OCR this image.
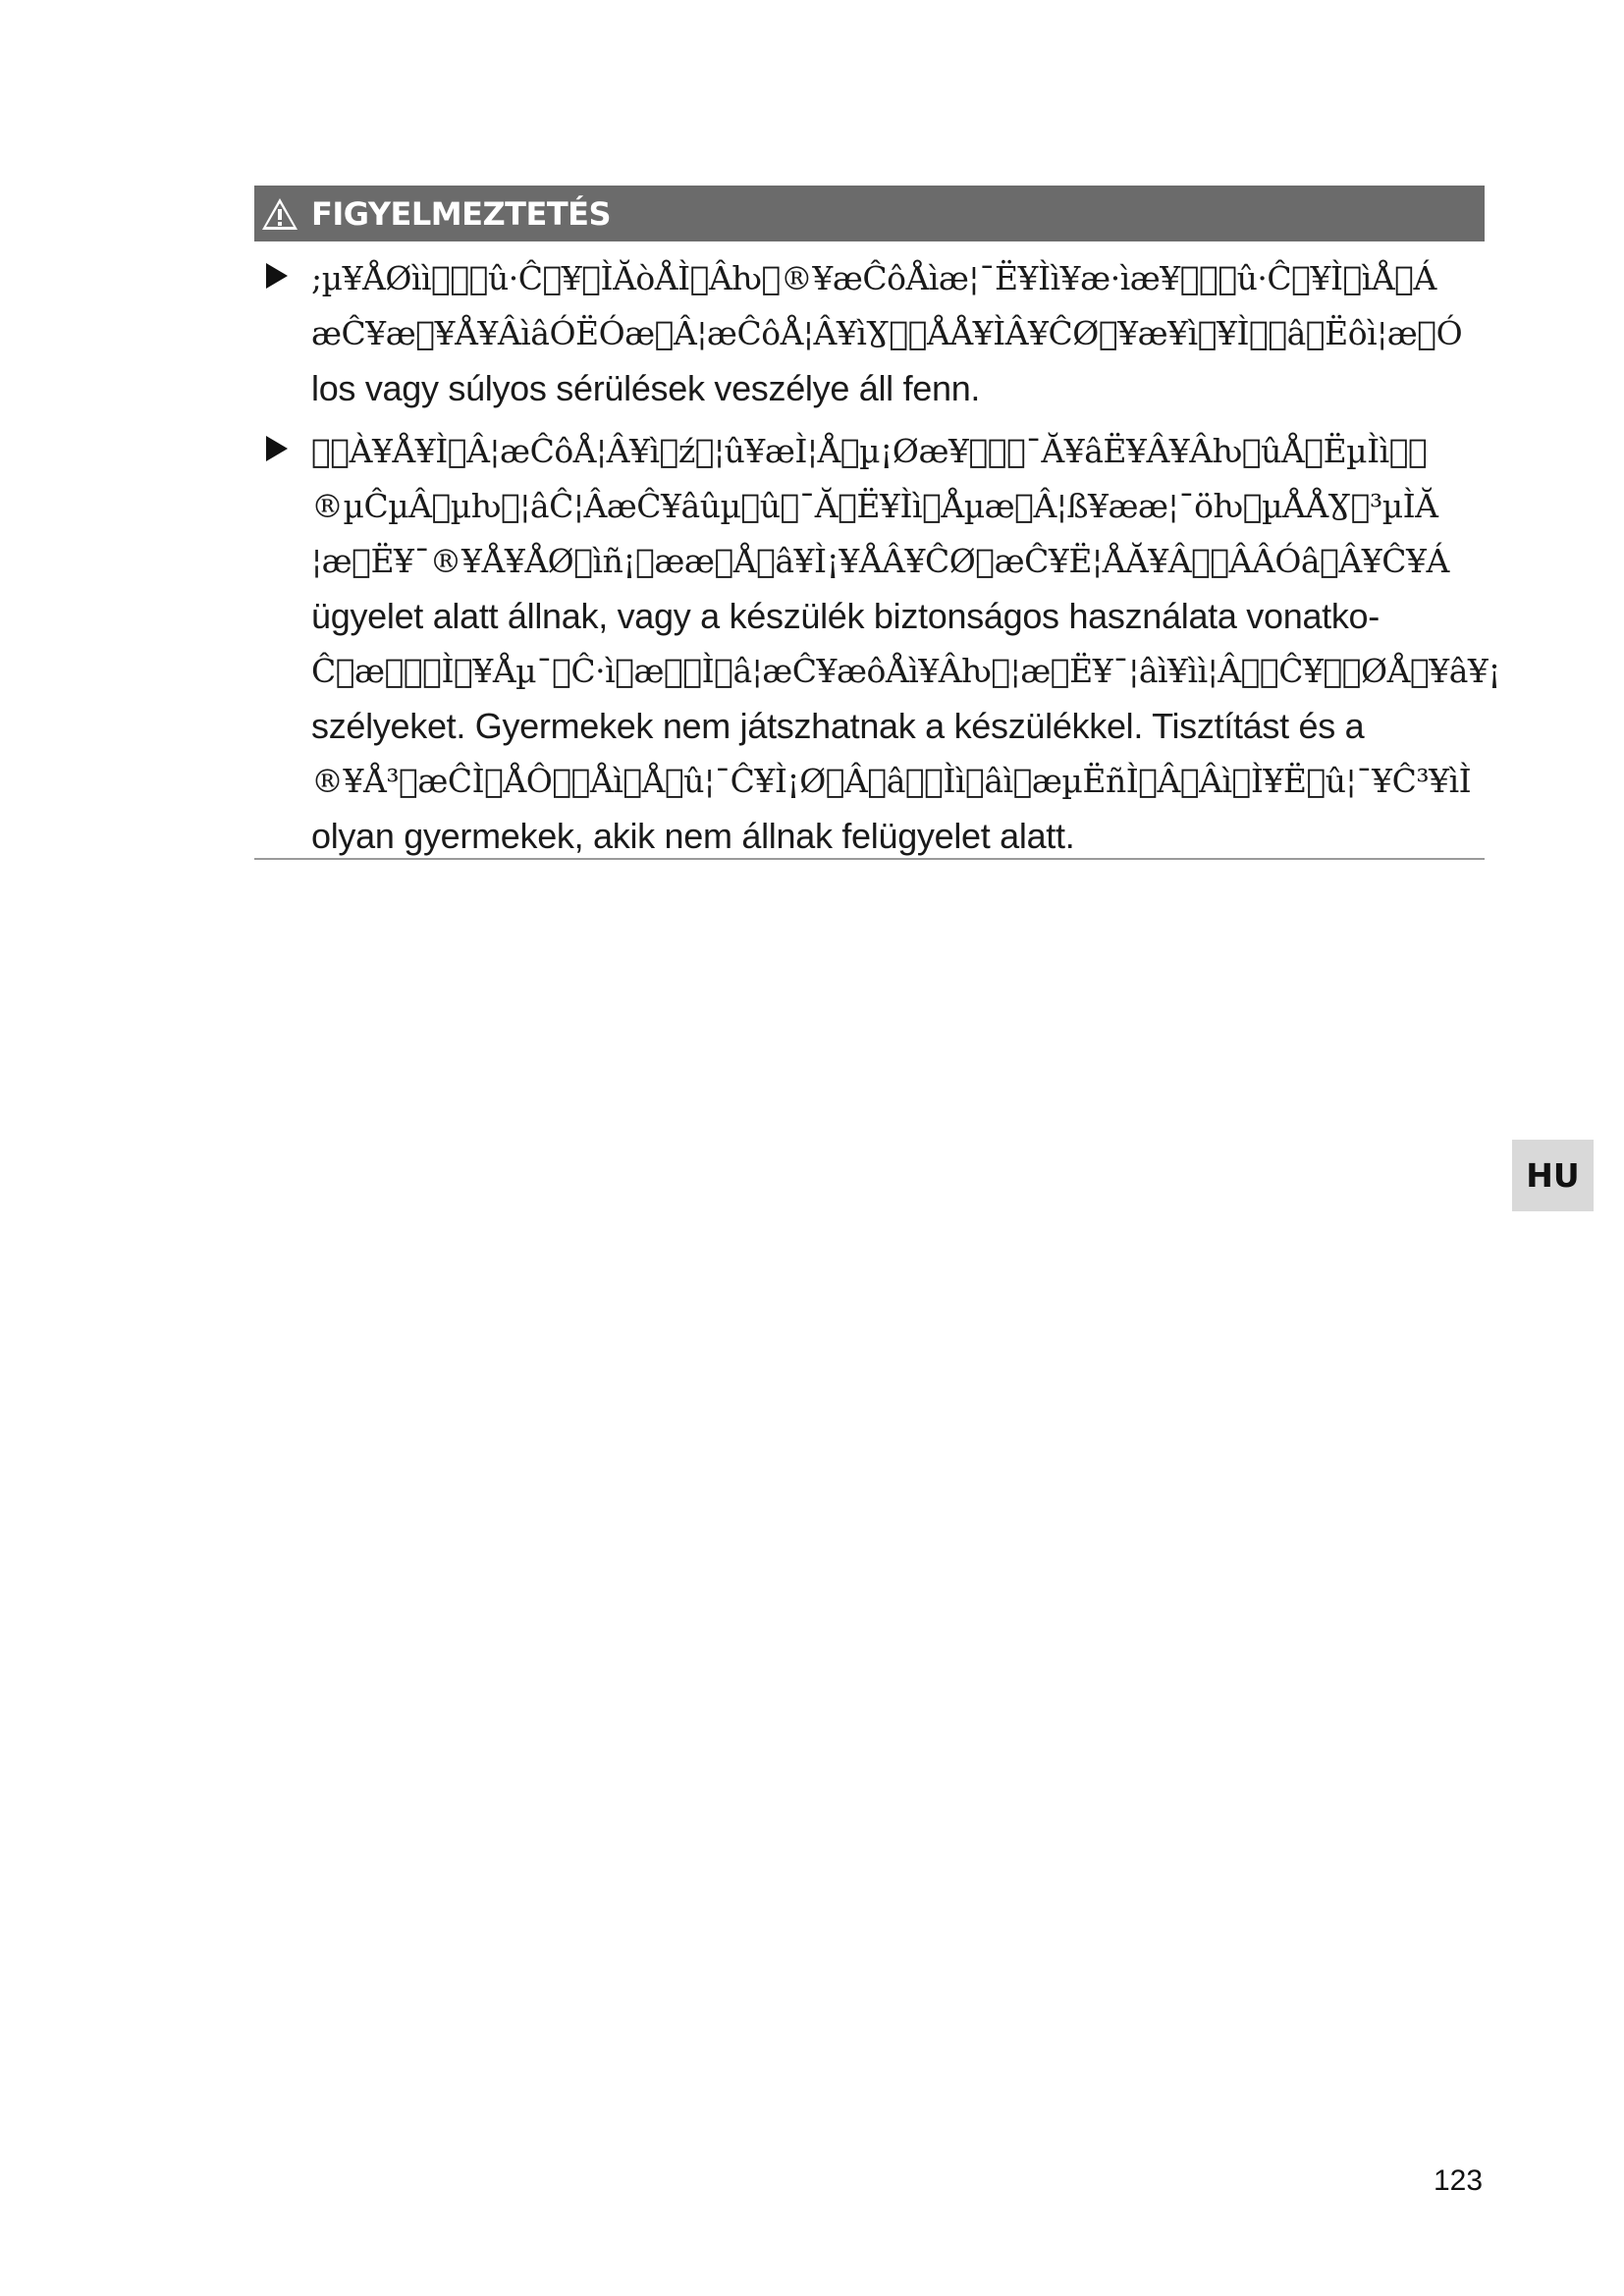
FIGYELMEZTETÉS
;µ¥ÅØìì   û·Ĉ ¥ ÌĂòÅÌ Âƕ ®¥æĈôÅìæ¦¯Ë¥Ìì¥æ·ìæ¥   û·Ĉ ¥Ì ìÅ Á
æĈ¥æ ¥Å¥ÂìâÓËÓæ Â¦æĈôÅ¦Â¥ìƔ  ÅÅ¥ÌÂ¥ĈØ ¥æ¥ì ¥Ì  â Ëôì¦æ Ó
los vagy súlyos sérülések veszélye áll fenn.
  À¥Å¥Ì Â¦æĈôÅ¦Â¥ì ź ¦û¥æÌ¦Å µ¡Øæ¥   ¯Ă¥âË¥Â¥Âƕ ûÅ ËµÌì  
®µĈµÂ µƕ ¦âĈ¦ÂæĈ¥âûµ û ¯Ă Ë¥Ìì Åµæ Â¦ß¥ææ¦¯öƕ µÅÅƔ ³µÌĂ
¦æ Ë¥¯®¥Å¥ÅØ ìñ¡ ææ Å â¥Ì¡¥ÅÂ¥ĈØ æĈ¥Ë¦ÅĂ¥Â  ÂÂÓâ Â¥Ĉ¥Á
ügyelet alatt állnak, vagy a készülék biztonságos használata vonatko-
Ĉ æ   Ì ¥Åµ¯ Ĉ·ì æ  Ì â¦æĈ¥æôÅì¥Âƕ ¦æ Ë¥¯¦âì¥ìì¦Â  Ĉ¥  ØÅ ¥â¥¡
szélyeket. Gyermekek nem játszhatnak a készülékkel. Tisztítást és a
®¥Å³ æĈÌ ÅÔ  Åì Å û¦¯Ĉ¥Ì¡Ø Â â  Ìì âì æµËñÌ Â Âì Ì¥Ë û¦¯¥Ĉ³¥ìÌ
olyan gyermekek, akik nem állnak felügyelet alatt.
HU
123
